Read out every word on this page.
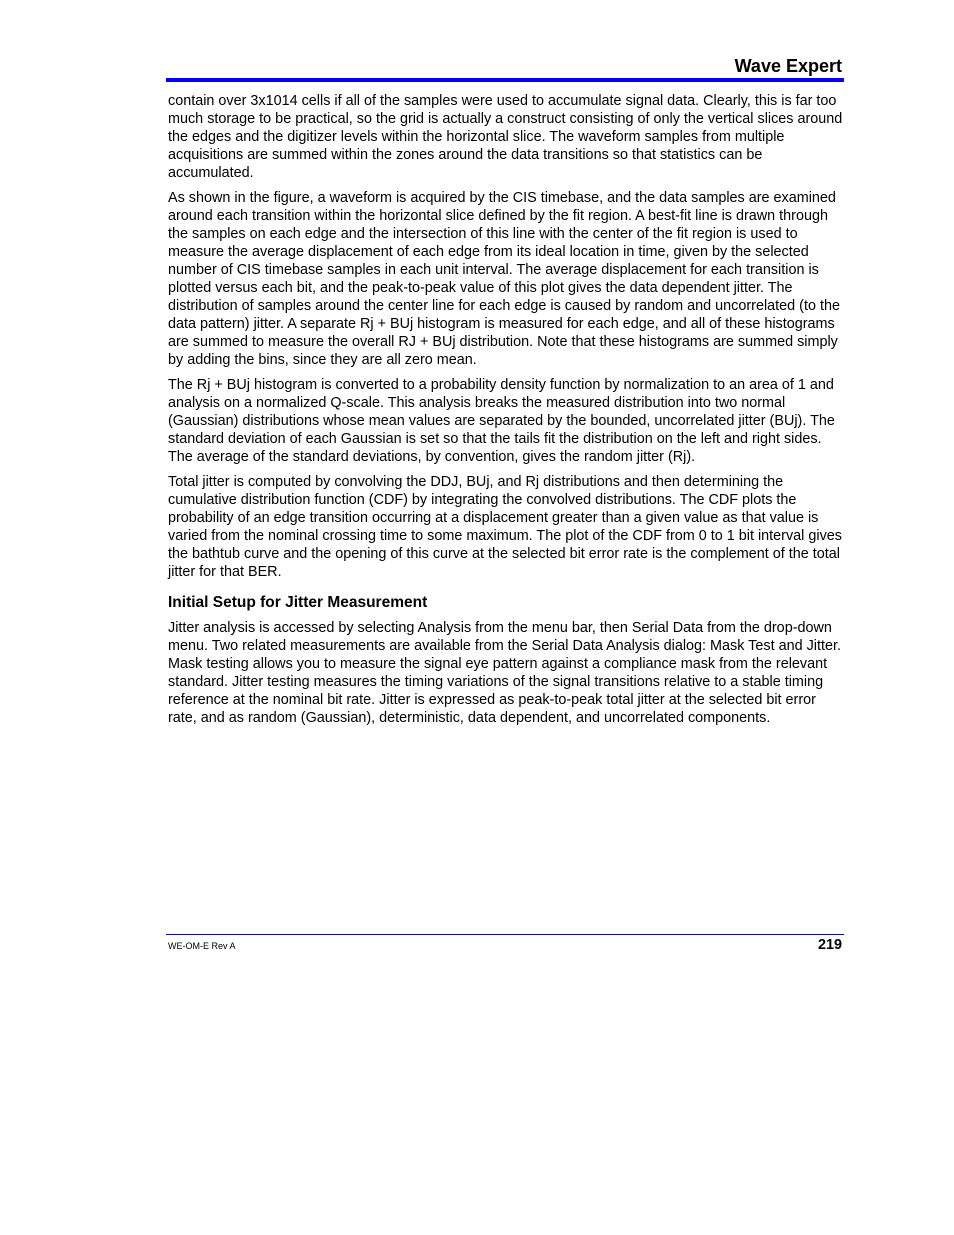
Wave Expert

contain over 3x1014 cells if all of the samples were used to accumulate signal data. Clearly, this is far too much storage to be practical, so the grid is actually a construct consisting of only the vertical slices around the edges and the digitizer levels within the horizontal slice. The waveform samples from multiple acquisitions are summed within the zones around the data transitions so that statistics can be accumulated.

As shown in the figure, a waveform is acquired by the CIS timebase, and the data samples are examined around each transition within the horizontal slice defined by the fit region. A best-fit line is drawn through the samples on each edge and the intersection of this line with the center of the fit region is used to measure the average displacement of each edge from its ideal location in time, given by the selected number of CIS timebase samples in each unit interval. The average displacement for each transition is plotted versus each bit, and the peak-to-peak value of this plot gives the data dependent jitter. The distribution of samples around the center line for each edge is caused by random and uncorrelated (to the data pattern) jitter. A separate Rj + BUj histogram is measured for each edge, and all of these histograms are summed to measure the overall RJ + BUj distribution. Note that these histograms are summed simply by adding the bins, since they are all zero mean.

The Rj + BUj histogram is converted to a probability density function by normalization to an area of 1 and analysis on a normalized Q-scale. This analysis breaks the measured distribution into two normal (Gaussian) distributions whose mean values are separated by the bounded, uncorrelated jitter (BUj). The standard deviation of each Gaussian is set so that the tails fit the distribution on the left and right sides. The average of the standard deviations, by convention, gives the random jitter (Rj).

Total jitter is computed by convolving the DDJ, BUj, and Rj distributions and then determining the cumulative distribution function (CDF) by integrating the convolved distributions. The CDF plots the probability of an edge transition occurring at a displacement greater than a given value as that value is varied from the nominal crossing time to some maximum. The plot of the CDF from 0 to 1 bit interval gives the bathtub curve and the opening of this curve at the selected bit error rate is the complement of the total jitter for that BER.

Initial Setup for Jitter Measurement

Jitter analysis is accessed by selecting Analysis from the menu bar, then Serial Data from the drop-down menu. Two related measurements are available from the Serial Data Analysis dialog: Mask Test and Jitter. Mask testing allows you to measure the signal eye pattern against a compliance mask from the relevant standard. Jitter testing measures the timing variations of the signal transitions relative to a stable timing reference at the nominal bit rate. Jitter is expressed as peak-to-peak total jitter at the selected bit error rate, and as random (Gaussian), deterministic, data dependent, and uncorrelated components.

WE-OM-E Rev A	219
